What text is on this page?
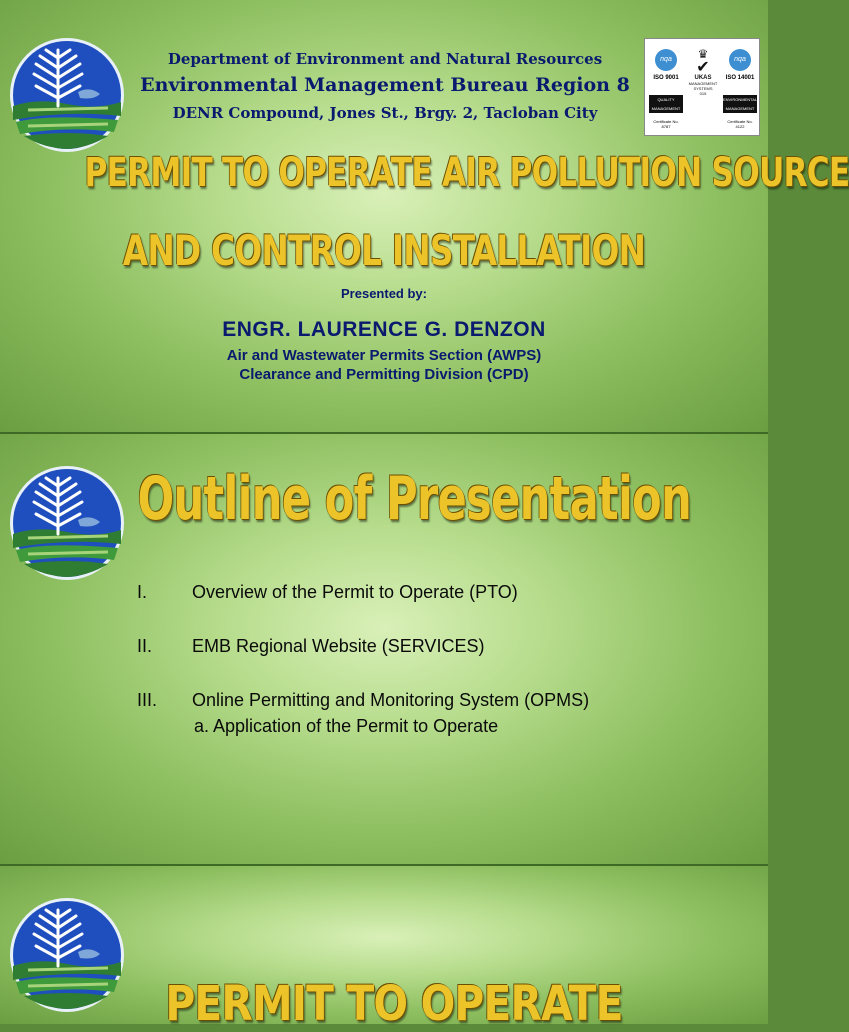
Department of Environment and Natural Resources
Environmental Management Bureau Region 8
DENR Compound, Jones St., Brgy. 2, Tacloban City
nqa
ISO 9001
QUALITY MANAGEMENT
Certificate No. 8787
♛
✔
UKAS
MANAGEMENT SYSTEMS
015
nqa
ISO 14001
ENVIRONMENTAL MANAGEMENT
Certificate No. 4122
PERMIT TO OPERATE AIR POLLUTION SOURCE
AND CONTROL INSTALLATION
Presented by:
ENGR. LAURENCE G. DENZON
Air and Wastewater Permits Section (AWPS)
Clearance and Permitting Division (CPD)
Outline of Presentation
I. Overview of the Permit to Operate (PTO)
II. EMB Regional Website (SERVICES)
III. Online Permitting and Monitoring System (OPMS)
a. Application of the Permit to Operate
PERMIT TO OPERATE
